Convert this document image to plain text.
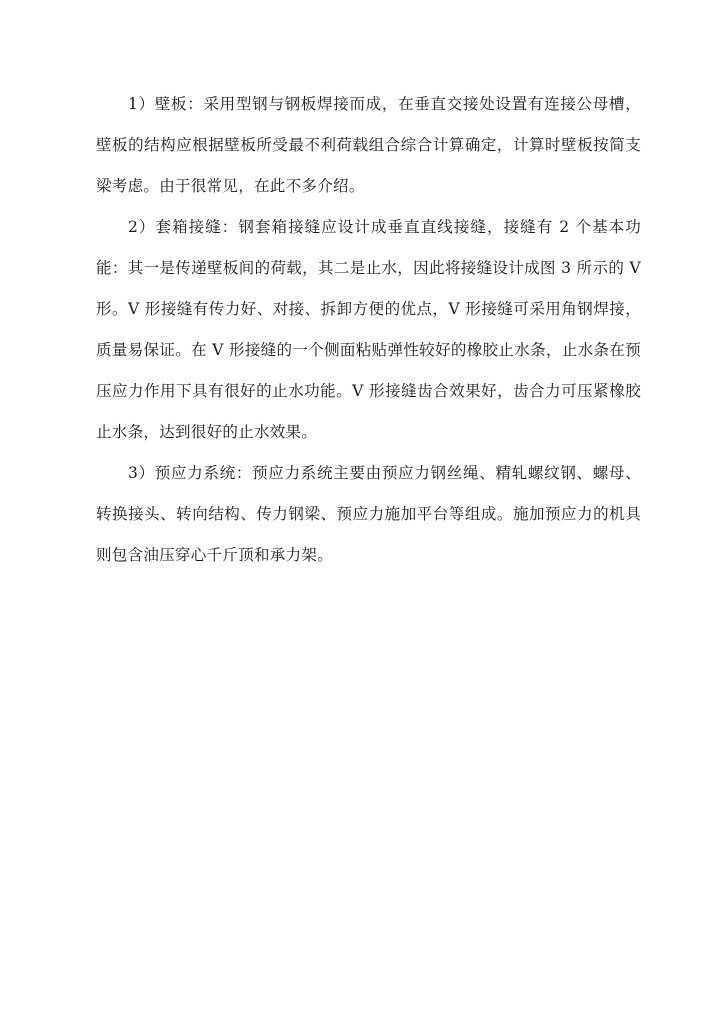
1）壁板：采用型钢与钢板焊接而成，在垂直交接处设置有连接公母槽，壁板的结构应根据壁板所受最不利荷载组合综合计算确定，计算时壁板按简支梁考虑。由于很常见，在此不多介绍。

2）套箱接缝：钢套箱接缝应设计成垂直直线接缝，接缝有 2 个基本功能：其一是传递壁板间的荷载，其二是止水，因此将接缝设计成图 3 所示的 V 形。V 形接缝有传力好、对接、拆卸方便的优点，V 形接缝可采用角钢焊接，质量易保证。在 V 形接缝的一个侧面粘贴弹性较好的橡胶止水条，止水条在预压应力作用下具有很好的止水功能。V 形接缝齿合效果好，齿合力可压紧橡胶止水条，达到很好的止水效果。

3）预应力系统：预应力系统主要由预应力钢丝绳、精轧螺纹钢、螺母、转换接头、转向结构、传力钢梁、预应力施加平台等组成。施加预应力的机具则包含油压穿心千斤顶和承力架。
